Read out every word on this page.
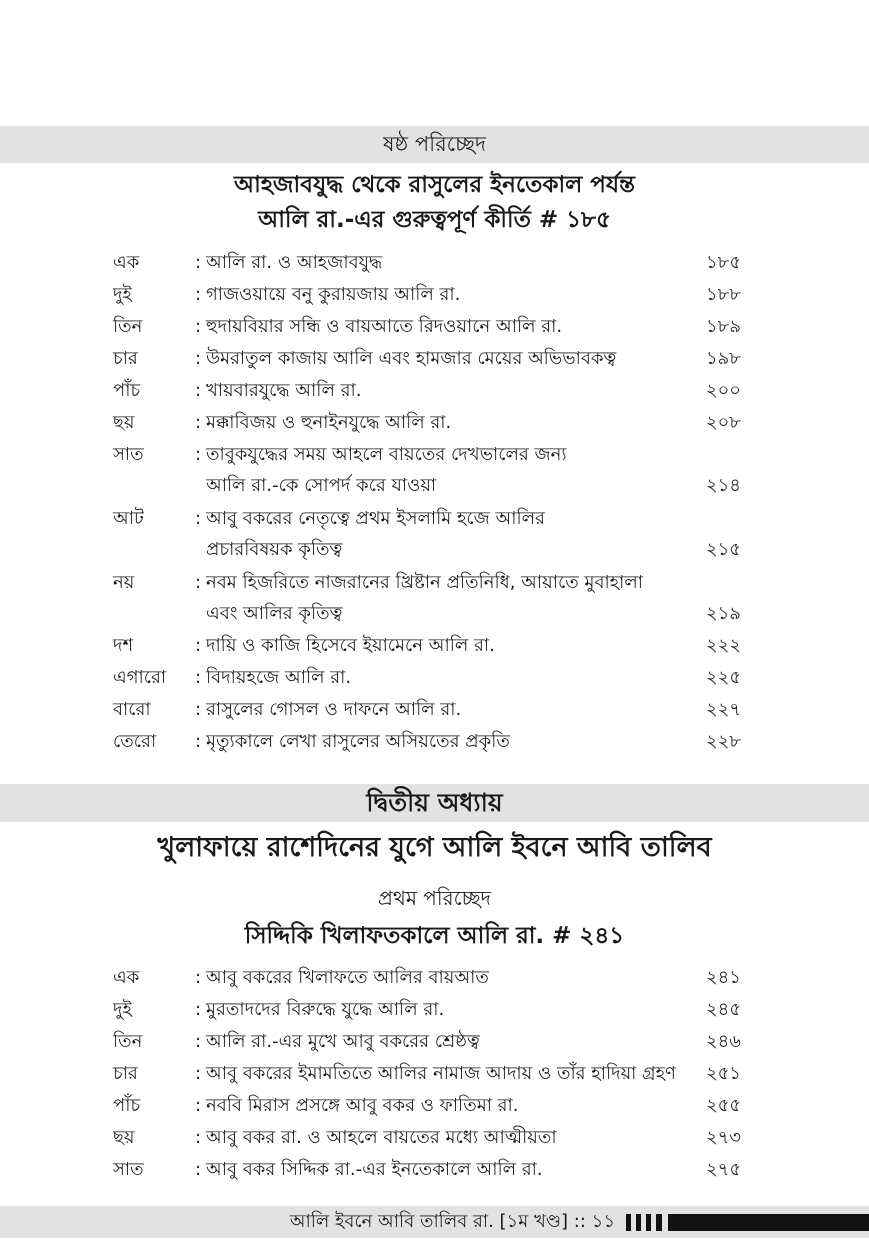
ষষ্ঠ পরিচ্ছেদ
আহজাবযুদ্ধ থেকে রাসুলের ইনতেকাল পর্যন্ত
আলি রা.-এর গুরুত্বপূর্ণ কীর্তি # ১৮৫
এক	: আলি রা. ও আহজাবযুদ্ধ	১৮৫
দুই	: গাজওয়ায়ে বনু কুরায়জায় আলি রা.	১৮৮
তিন	: হুদায়বিয়ার সন্ধি ও বায়আতে রিদওয়ানে আলি রা.	১৮৯
চার	: উমরাতুল কাজায় আলি এবং হামজার মেয়ের অভিভাবকত্ব	১৯৮
পাঁচ	: খায়বারযুদ্ধে আলি রা.	২০০
ছয়	: মক্কাবিজয় ও হুনাইনযুদ্ধে আলি রা.	২০৮
সাত	: তাবুকযুদ্ধের সময় আহলে বায়তের দেখভালের জন্য
আলি রা.-কে সোপর্দ করে যাওয়া	২১৪
আট	: আবু বকরের নেতৃত্বে প্রথম ইসলামি হজে আলির
প্রচারবিষয়ক কৃতিত্ব	২১৫
নয়	: নবম হিজরিতে নাজরানের খ্রিষ্টান প্রতিনিধি, আয়াতে মুবাহালা
এবং আলির কৃতিত্ব	২১৯
দশ	: দায়ি ও কাজি হিসেবে ইয়ামেনে আলি রা.	২২২
এগারো : বিদায়হজে আলি রা.	২২৫
বারো : রাসুলের গোসল ও দাফনে আলি রা.	২২৭
তেরো : মৃত্যুকালে লেখা রাসুলের অসিয়তের প্রকৃতি	২২৮
দ্বিতীয় অধ্যায়
খুলাফায়ে রাশেদিনের যুগে আলি ইবনে আবি তালিব
প্রথম পরিচ্ছেদ
সিদ্দিকি খিলাফতকালে আলি রা. # ২৪১
এক	: আবু বকরের খিলাফতে আলির বায়আত	২৪১
দুই	: মুরতাদদের বিরুদ্ধে যুদ্ধে আলি রা.	২৪৫
তিন	: আলি রা.-এর মুখে আবু বকরের শ্রেষ্ঠত্ব	২৪৬
চার	: আবু বকরের ইমামতিতে আলির নামাজ আদায় ও তাঁর হাদিয়া গ্রহণ ২৫১
পাঁচ	: নববি মিরাস প্রসঙ্গে আবু বকর ও ফাতিমা রা.	২৫৫
ছয়	: আবু বকর রা. ও আহলে বায়তের মধ্যে আত্মীয়তা	২৭৩
সাত	: আবু বকর সিদ্দিক রা.-এর ইনতেকালে আলি রা.	২৭৫
আলি ইবনে আবি তালিব রা. [১ম খণ্ড] :: ১১
